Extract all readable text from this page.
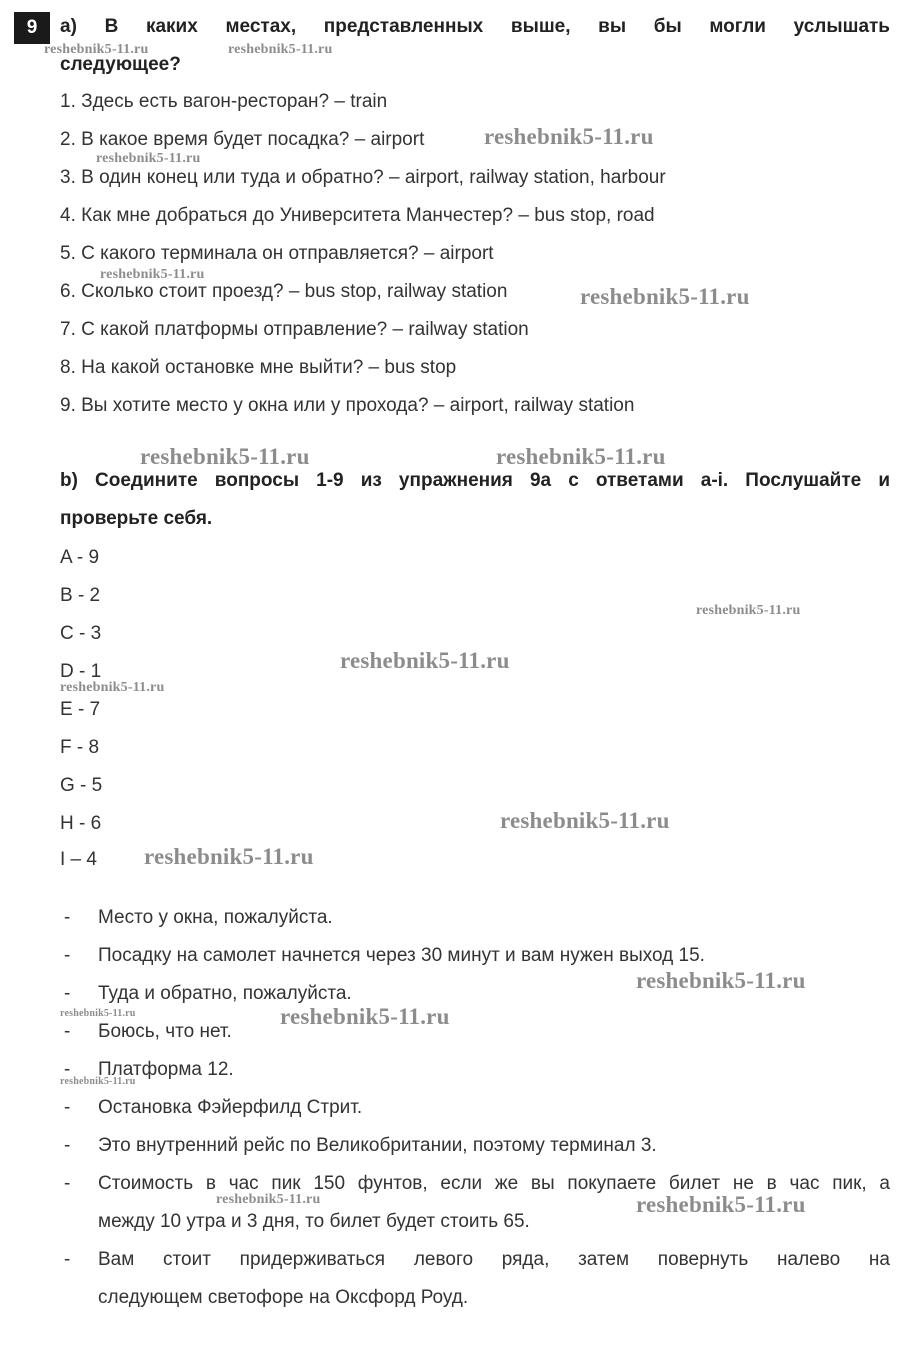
9	a) В каких местах, представленных выше, вы бы могли услышать
следующее?
1. Здесь есть вагон-ресторан? – train
2. В какое время будет посадка? – airport
3. В один конец или туда и обратно? – airport, railway station, harbour
4. Как мне добраться до Университета Манчестер? – bus stop, road
5. С какого терминала он отправляется? – airport
6. Сколько стоит проезд? – bus stop, railway station
7. С какой платформы отправление? – railway station
8. На какой остановке мне выйти? – bus stop
9. Вы хотите место у окна или у прохода? – airport, railway station
b) Соедините вопросы 1-9 из упражнения 9a с ответами a-i. Послушайте и
проверьте себя.
A - 9
B - 2
C - 3
D - 1
E - 7
F - 8
G - 5
H - 6
I – 4
-
-
-
-
-
-
-
-
-
Место у окна, пожалуйста.
Посадку на самолет начнется через 30 минут и вам нужен выход 15.
Туда и обратно, пожалуйста.
Боюсь, что нет.
Платформа 12.
Остановка Фэйерфилд Стрит.
Это внутренний рейс по Великобритании, поэтому терминал 3.
Стоимость в час пик 150 фунтов, если же вы покупаете билет не в час пик, а
между 10 утра и 3 дня, то билет будет стоить 65.
Вам стоит придерживаться левого ряда, затем повернуть налево на
следующем светофоре на Оксфорд Роуд.
reshebnik5-11.ru	reshebnik5-11.ru
reshebnik5-11.ru
reshebnik5-11.ru
reshebnik5-11.ru
reshebnik5-11.ru
reshebnik5-11.ru	reshebnik5-11.ru
reshebnik5-11.ru
reshebnik5-11.ru
reshebnik5-11.ru
reshebnik5-11.ru
reshebnik5-11.ru
reshebnik5-11.ru
reshebnik5-11.ru	reshebnik5-11.ru
reshebnik5-11.ru
reshebnik5-11.ru	reshebnik5-11.ru
